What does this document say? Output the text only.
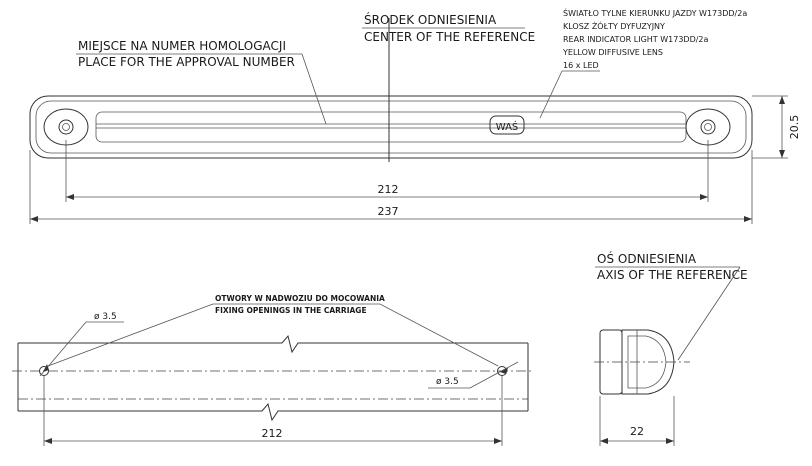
WAŚ
MIEJSCE NA NUMER HOMOLOGACJI
PLACE FOR THE APPROVAL NUMBER
ŚRODEK ODNIESIENIA
CENTER OF THE REFERENCE
ŚWIATŁO TYLNE KIERUNKU JAZDY W173DD/2a
KLOSZ ŻÓŁTY DYFUZYJNY
REAR INDICATOR LIGHT W173DD/2a
YELLOW DIFFUSIVE LENS
16 x LED
20.5
212
237
OTWORY W NADWOZIU DO MOCOWANIA
FIXING OPENINGS IN THE CARRIAGE
ø 3.5
ø 3.5
212
OŚ ODNIESIENIA
AXIS OF THE REFERENCE
22
